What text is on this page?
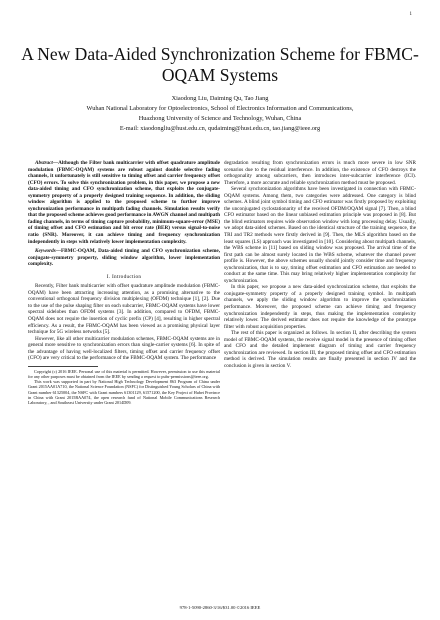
1
A New Data-Aided Synchronization Scheme for FBMC-OQAM Systems
Xiaodong Liu, Daiming Qu, Tao Jiang
Wuhan National Laboratory for Optoelectronics, School of Electronics Information and Communications,
Huazhong University of Science and Technology, Wuhan, China
E-mail: xiaodongliu@hust.edu.cn, qudaiming@hust.edu.cn, tao.jiang@ieee.org

Abstract—Although the Filter bank multicarrier with offset quadrature amplitude modulation (FBMC-OQAM) systems are robust against double selective fading channels, it unfortunately is still sensitive to timing offset and carrier frequency offset (CFO) errors. To solve this synchronization problem, in this paper, we propose a new data-aided timing and CFO synchronization scheme, that exploits the conjugate-symmetry property of a properly designed training sequence. In addition, the sliding window algorithm is applied to the proposed scheme to further improve synchronization performance in multipath fading channels. Simulation results verify that the proposed scheme achieves good performance in AWGN channel and multipath fading channels, in terms of timing capture probability, minimum-square-error (MSE) of timing offset and CFO estimation and bit error rate (BER) versus signal-to-noise ratio (SNR). Moreover, it can achieve timing and frequency synchronization independently in steps with relatively lower implementation complexity.

Keywords—FBMC-OQAM, Data-aided timing and CFO synchronization scheme, conjugate-symmetry property, sliding window algorithm, lower implementation complexity.

I. Introduction

Recently, Filter bank multicarrier with offset quadrature amplitude modulation (FBMC-OQAM) have been attracting increasing attention, as a promising alternative to the conventional orthogonal frequency division multiplexing (OFDM) technique [1], [2]. Due to the use of the pulse shaping filter on each subcarrier, FBMC-OQAM systems have lower spectral sidelobes than OFDM systems [3]. In addition, compared to OFDM, FBMC-OQAM does not require the insertion of cyclic prefix (CP) [4], resulting in higher spectral efficiency. As a result, the FBMC-OQAM has been viewed as a promising physical layer technique for 5G wireless networks [5].

However, like all other multicarrier modulation schemes, FBMC-OQAM systems are in general more sensitive to synchronization errors than single-carrier systems [6]. In spite of the advantage of having well-localized filters, timing offset and carrier frequency offset (CFO) are very critical to the performance of the FBMC-OQAM system. The performance

Copyright (c) 2016 IEEE. Personal use of this material is permitted. However, permission to use this material for any other purposes must be obtained from the IEEE by sending a request to pubs-permissions@ieee.org.

This work was supported in part by National High Technology Development 863 Program of China under Grant 2015AA01A710, the National Science Foundation (NSFC) for Distinguished Young Scholars of China with Grant number 61325004, the NSFC with Grant numbers 61301129, 61571200, the Key Project of Hubei Province in China with Grant 2015BAA074, the open research fund of National Mobile Communications Research Laboratory, , and Southeast University under Grant 2014D09.

degradation resulting from synchronization errors is much more severe in low SNR scenarios due to the residual interference. In addition, the existence of CFO destroys the orthogonality among subcarriers, then introduces inter-subcarrier interference (ICI). Therefore, a more accurate and reliable synchronization method must be proposed.

Several synchronization algorithms have been investigated in connection with FBMC-OQAM systems. Among them, two categories were addressed. One category is blind schemes. A blind joint symbol timing and CFO estimator was firstly proposed by exploiting the unconjugated cyclostationarity of the received OFDM/OQAM signal [7]. Then, a blind CFO estimator based on the linear unbiased estimation principle was proposed in [8]. But the blind estimators requires wide observation window with long processing delay. Usually, we adopt data-aided schemes. Based on the identical structure of the training sequence, the TRI and TR2 methods were firstly derived in [9]. Then, the MLS algorithm based on the least squares (LS) approach was investigated in [10]. Considering about multipath channels, the WBS scheme in [11] based on sliding window was proposed. The arrival time of the first path can be almost surely located in the WBS scheme, whatever the channel power profile is. However, the above schemes usually should jointly consider time and frequency synchronization, that is to say, timing offset estimation and CFO estimation are needed to conduct at the same time. This may bring relatively higher implementation complexity for synchronization.

In this paper, we propose a new data-aided synchronization scheme, that exploits the conjugate-symmetry property of a properly designed training symbol. In multipath channels, we apply the sliding window algorithm to improve the synchronization performance. Moreover, the proposed scheme can achieve timing and frequency synchronization independently in steps, thus making the implementation complexity relatively lower. The derived estimator does not require the knowledge of the prototype filter with robust acquisition properties.

The rest of this paper is organized as follows. In section II, after describing the system model of FBMC-OQAM systems, the receive signal model in the presence of timing offset and CFO and the detailed implement diagram of timing and carrier frequency synchronization are reviewed. In section III, the proposed timing offset and CFO estimation method is derived. The simulation results are finally presented in section IV and the conclusion is given in section V.

978-1-5090-2860-3/16/$31.00 ©2016 IEEE
